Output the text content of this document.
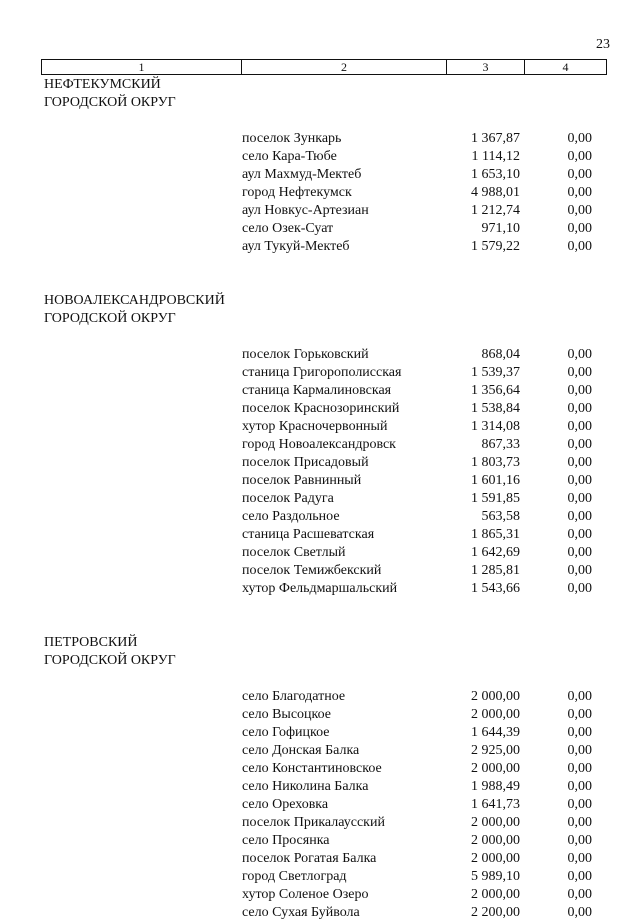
23
1	2	3	4
НЕФТЕКУМСКИЙ
ГОРОДСКОЙ ОКРУГ
поселок Зункарь	1 367,87	0,00
село Кара-Тюбе	1 114,12	0,00
аул Махмуд-Мектеб	1 653,10	0,00
город Нефтекумск	4 988,01	0,00
аул Новкус-Артезиан	1 212,74	0,00
село Озек-Суат	971,10	0,00
аул Тукуй-Мектеб	1 579,22	0,00
НОВОАЛЕКСАНДРОВСКИЙ
ГОРОДСКОЙ ОКРУГ
поселок Горьковский	868,04	0,00
станица Григорополисская	1 539,37	0,00
станица Кармалиновская	1 356,64	0,00
поселок Краснозоринский	1 538,84	0,00
хутор Красночервонный	1 314,08	0,00
город Новоалександровск	867,33	0,00
поселок Присадовый	1 803,73	0,00
поселок Равнинный	1 601,16	0,00
поселок Радуга	1 591,85	0,00
село Раздольное	563,58	0,00
станица Расшеватская	1 865,31	0,00
поселок Светлый	1 642,69	0,00
поселок Темижбекский	1 285,81	0,00
хутор Фельдмаршальский	1 543,66	0,00
ПЕТРОВСКИЙ
ГОРОДСКОЙ ОКРУГ
село Благодатное	2 000,00	0,00
село Высоцкое	2 000,00	0,00
село Гофицкое	1 644,39	0,00
село Донская Балка	2 925,00	0,00
село Константиновское	2 000,00	0,00
село Николина Балка	1 988,49	0,00
село Ореховка	1 641,73	0,00
поселок Прикалаусский	2 000,00	0,00
село Просянка	2 000,00	0,00
поселок Рогатая Балка	2 000,00	0,00
город Светлоград	5 989,10	0,00
хутор Соленое Озеро	2 000,00	0,00
село Сухая Буйвола	2 200,00	0,00
